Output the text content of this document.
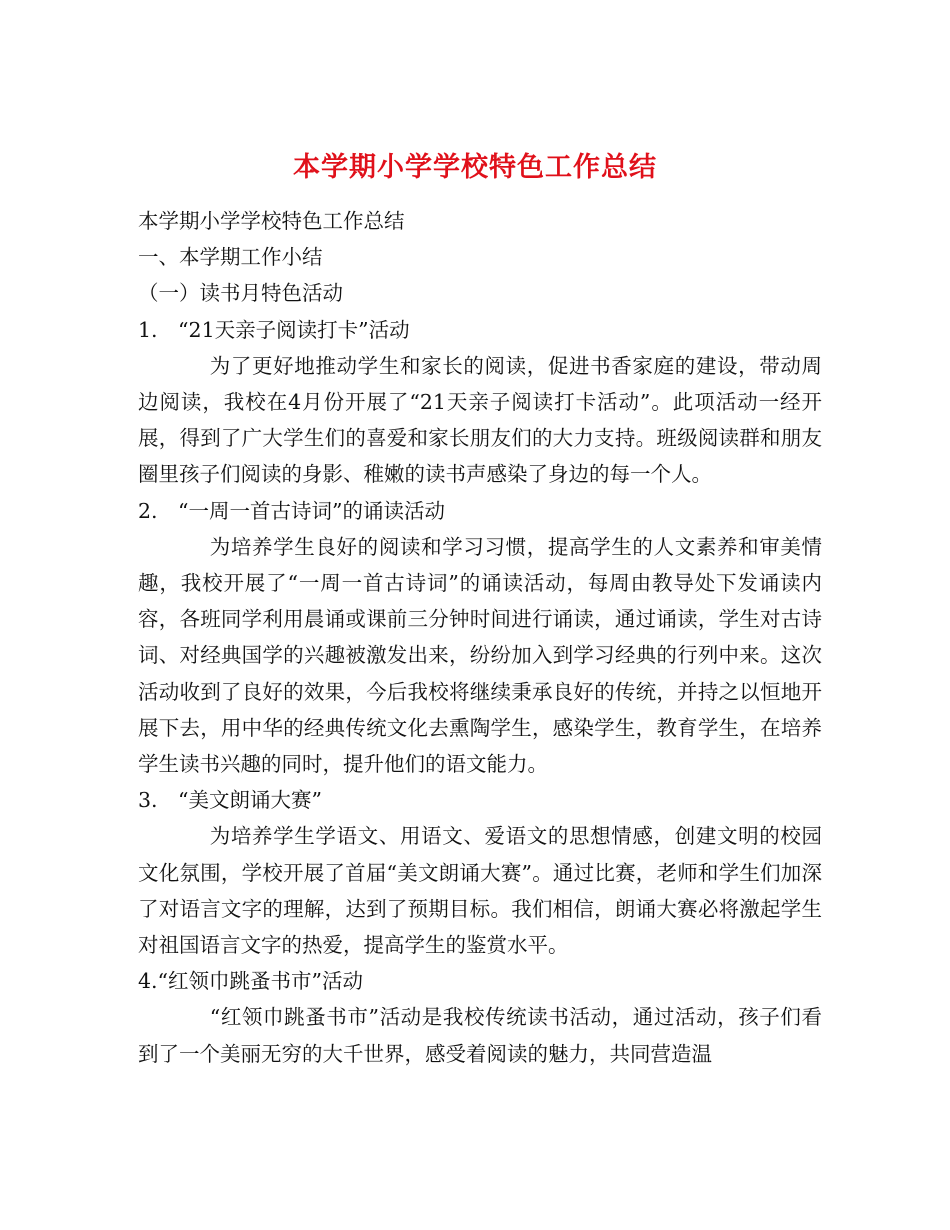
本学期小学学校特色工作总结

本学期小学学校特色工作总结

一、本学期工作小结

（一）读书月特色活动

1.　“21天亲子阅读打卡”活动

为了更好地推动学生和家长的阅读，促进书香家庭的建设，带动周边阅读，我校在4月份开展了“21天亲子阅读打卡活动”。此项活动一经开展，得到了广大学生们的喜爱和家长朋友们的大力支持。班级阅读群和朋友圈里孩子们阅读的身影、稚嫩的读书声感染了身边的每一个人。

2.　“一周一首古诗词”的诵读活动

为培养学生良好的阅读和学习习惯，提高学生的人文素养和审美情趣，我校开展了“一周一首古诗词”的诵读活动，每周由教导处下发诵读内容，各班同学利用晨诵或课前三分钟时间进行诵读，通过诵读，学生对古诗词、对经典国学的兴趣被激发出来，纷纷加入到学习经典的行列中来。这次活动收到了良好的效果，今后我校将继续秉承良好的传统，并持之以恒地开展下去，用中华的经典传统文化去熏陶学生，感染学生，教育学生，在培养学生读书兴趣的同时，提升他们的语文能力。

3.　“美文朗诵大赛”

为培养学生学语文、用语文、爱语文的思想情感，创建文明的校园文化氛围，学校开展了首届“美文朗诵大赛”。通过比赛，老师和学生们加深了对语言文字的理解，达到了预期目标。我们相信，朗诵大赛必将激起学生对祖国语言文字的热爱，提高学生的鉴赏水平。

4.“红领巾跳蚤书市”活动

“红领巾跳蚤书市”活动是我校传统读书活动，通过活动，孩子们看到了一个美丽无穷的大千世界，感受着阅读的魅力，共同营造温
